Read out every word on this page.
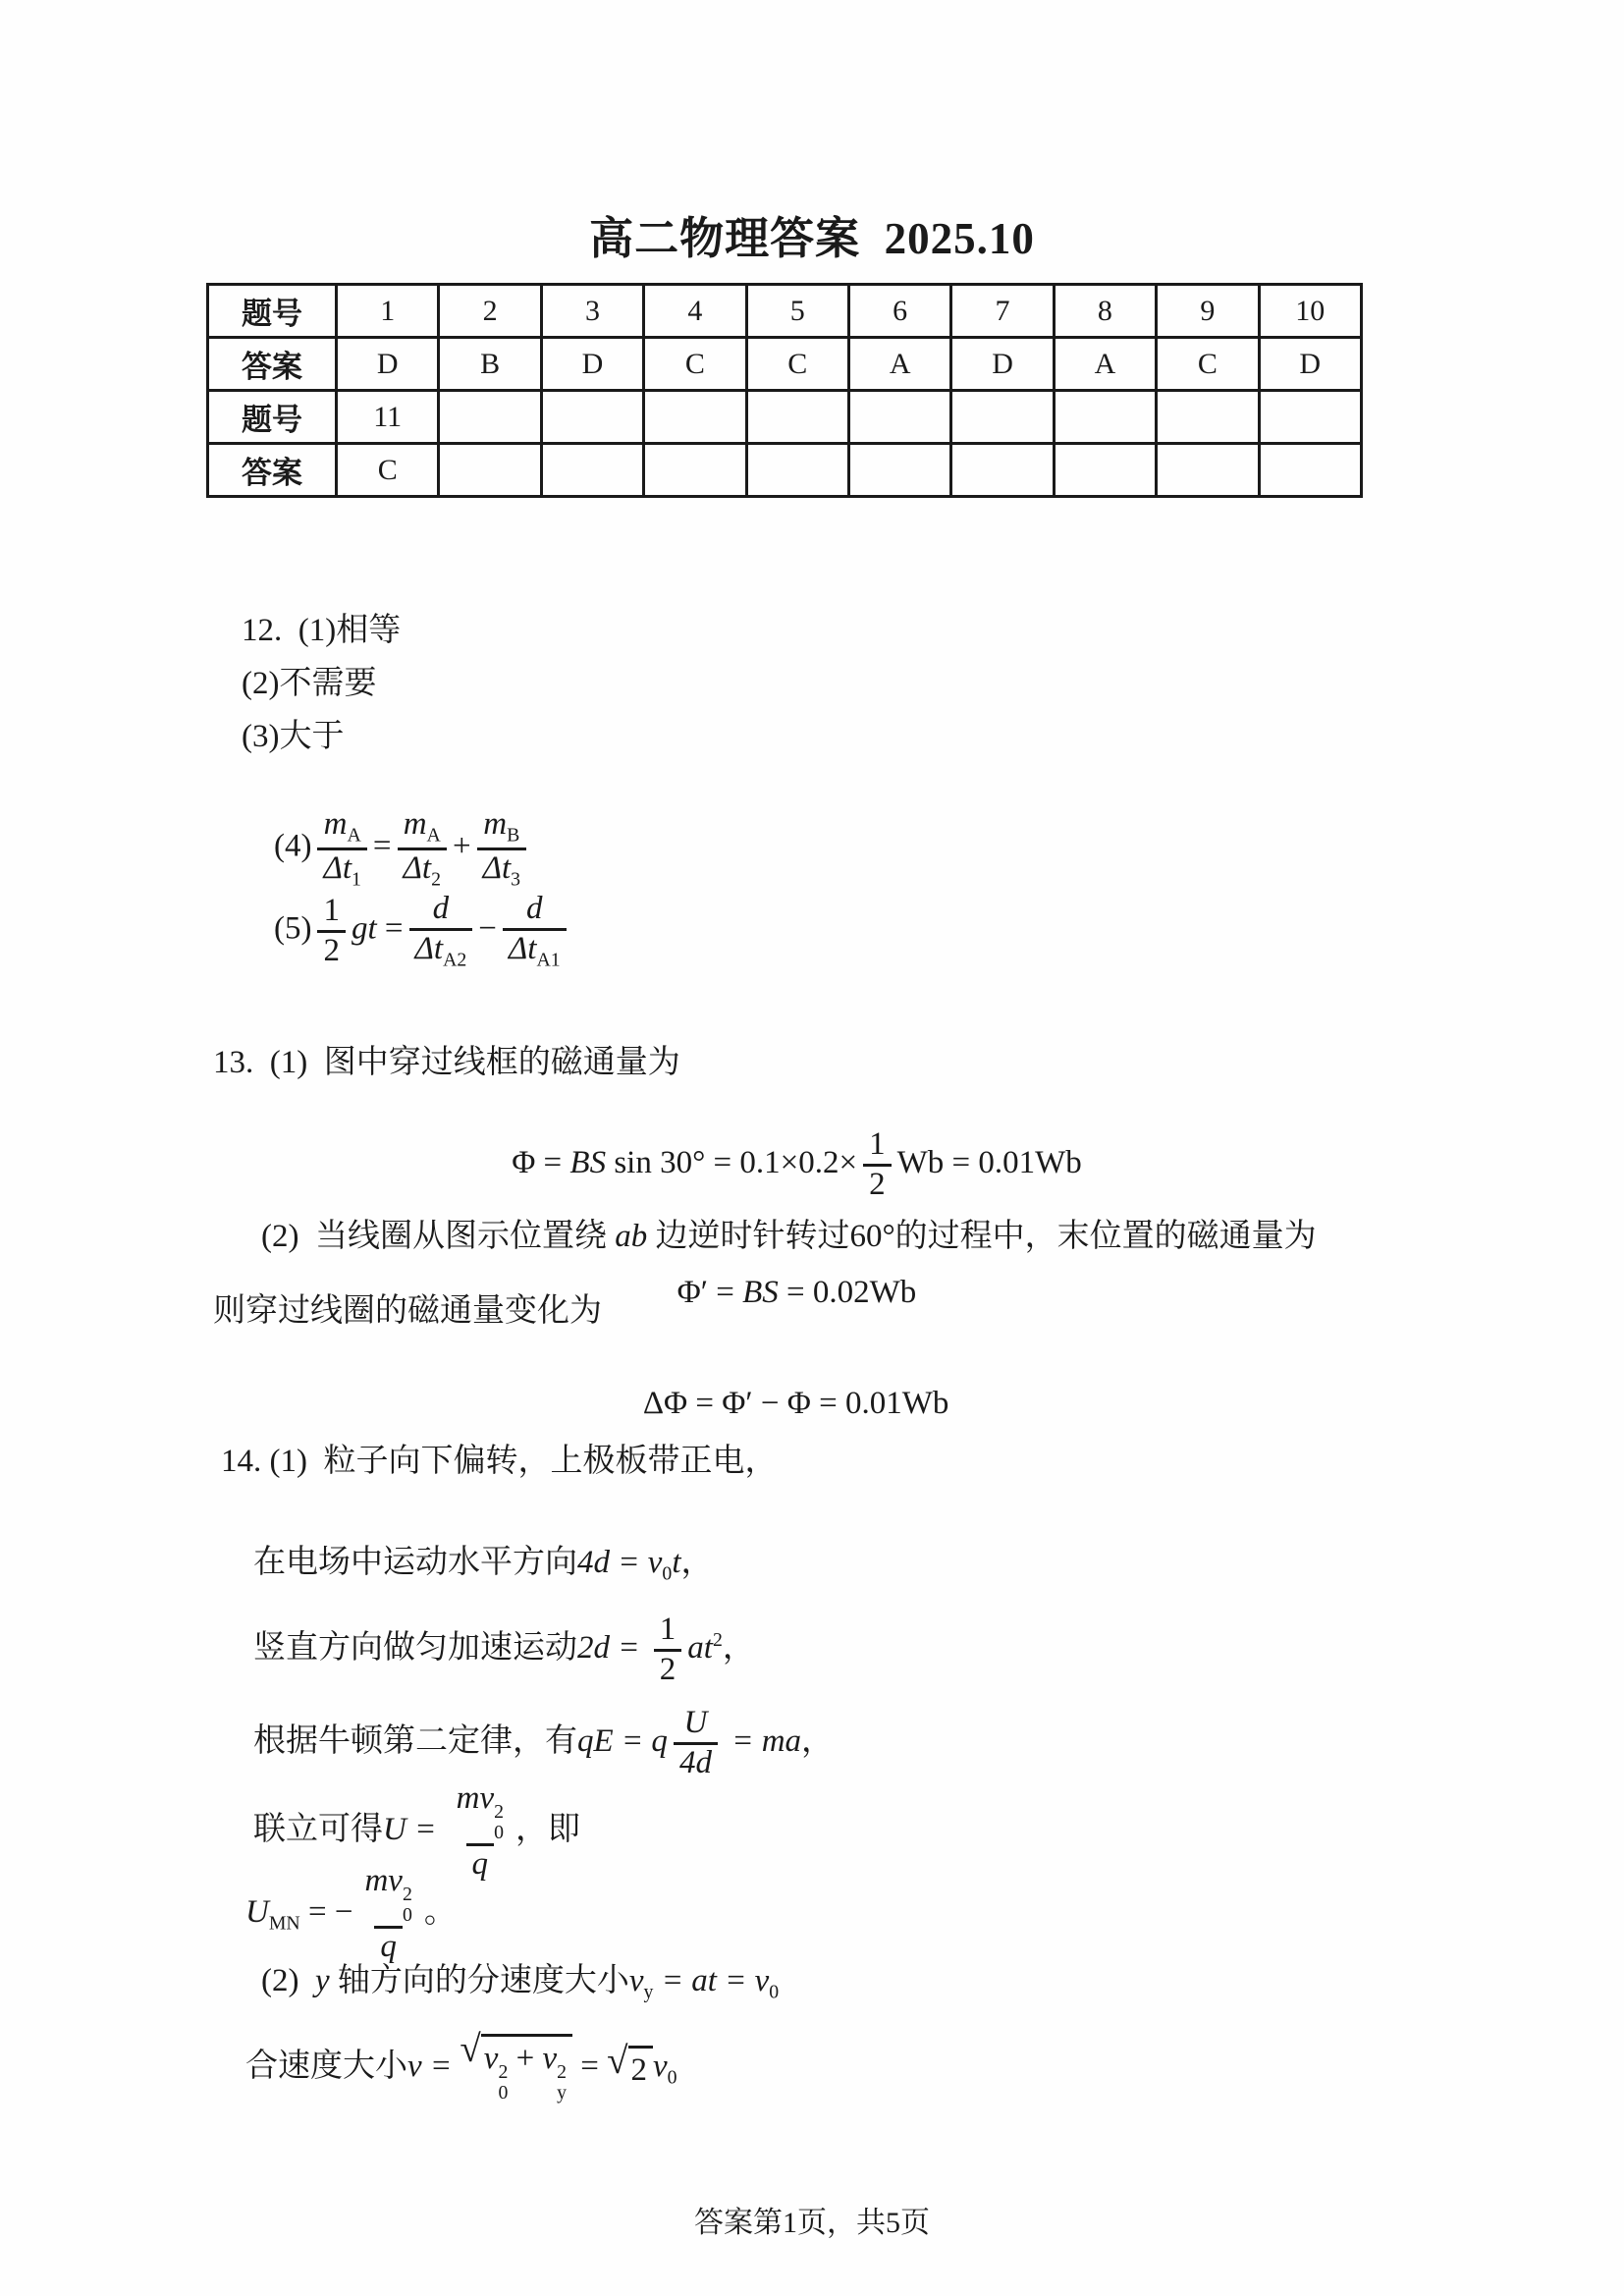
高二物理答案  2025.10
题号	1	2	3	4	5	6	7	8	9	10
答案	D	B	D	C	C	A	D	A	C	D
题号	11									
答案	C									
12.  (1)相等
(2)不需要
(3)大于

$(4) \frac{m_A}{\Delta t_1} = \frac{m_A}{\Delta t_2} + \frac{m_B}{\Delta t_3}$

$(5) \frac{1}{2}$ gt = $\frac{d}{\Delta t_{A2}} - \frac{d}{\Delta t_{A1}}$

13.  (1)  图中穿过线框的磁通量为

Φ = BS $\sin 30^\circ = 0.1\times 0.2\times \frac{1}{2}$ Wb = 0.01Wb

(2)  当线圈从图示位置绕 ab 边逆时针转过60°的过程中，末位置的磁通量为

Φ′ = BS = 0.02Wb

则穿过线圈的磁通量变化为

ΔΦ = Φ′ − Φ = 0.01Wb

14. (1)  粒子向下偏转，上极板带正电，

在电场中运动水平方向$4d = v_0t$，

竖直方向做匀加速运动$2d = \frac{1}{2} at^2$，

根据牛顿第二定律，有qE = q $\frac{U}{4d}$ = ma，

联立可得U = mv 2
0
q ，即

$U_{MN}$ = − mv 2
0
q 。

(2)  y 轴方向的分速度大小$v_y$ = at = $v_0$

合速度大小v = √ v 2
0
+ v 2
y
= √ 2 $v_0$

答案第1页，共5页
